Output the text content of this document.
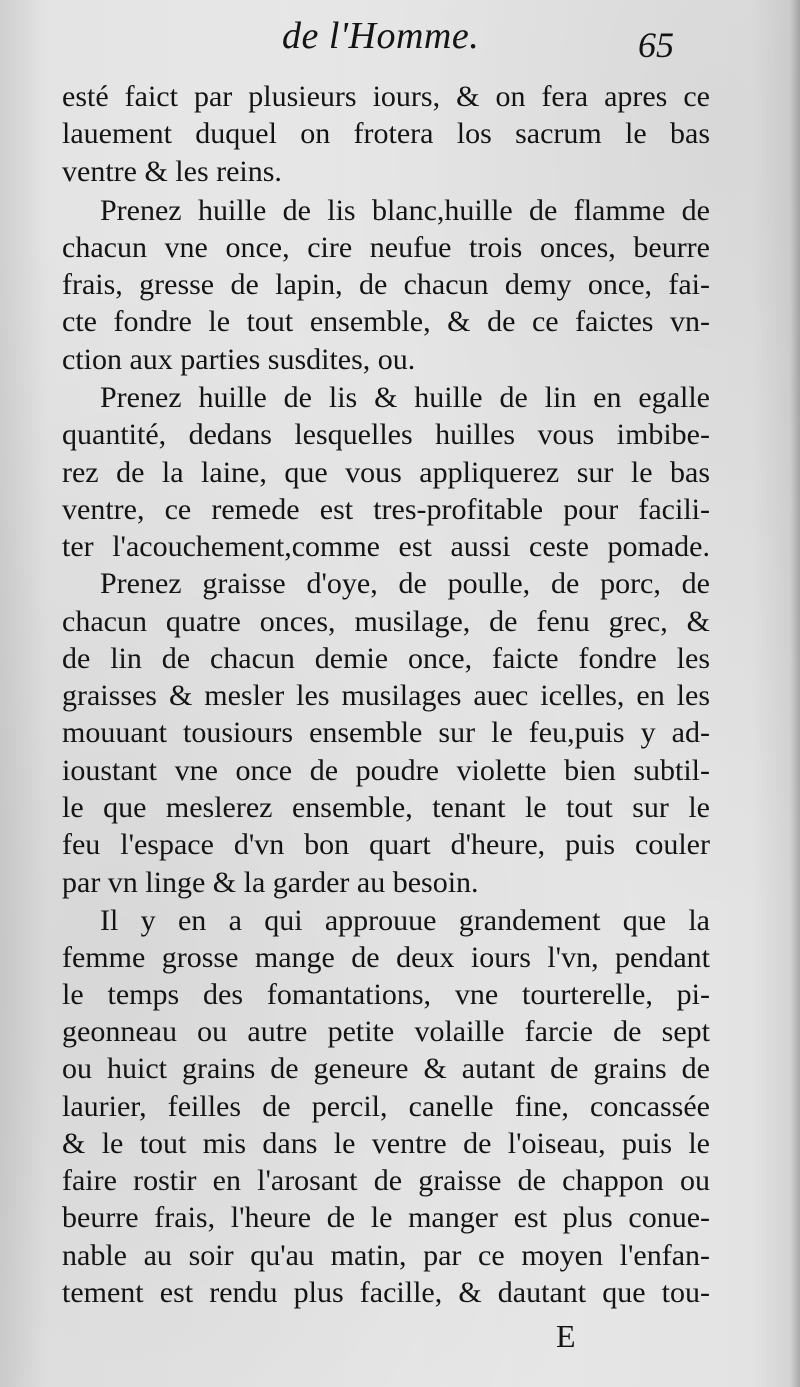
de l'Homme.	65
esté faict par plusieurs iours, & on fera apres ce
lauement duquel on frotera los sacrum le bas
ventre & les reins.
Prenez huille de lis blanc,huille de flamme de
chacun vne once, cire neufue trois onces, beurre
frais, gresse de lapin, de chacun demy once, fai-
cte fondre le tout ensemble, & de ce faictes vn-
ction aux parties susdites, ou.
Prenez huille de lis & huille de lin en egalle
quantité, dedans lesquelles huilles vous imbibe-
rez de la laine, que vous appliquerez sur le bas
ventre, ce remede est tres-profitable pour facili-
ter l'acouchement,comme est aussi ceste pomade.
Prenez graisse d'oye, de poulle, de porc, de
chacun quatre onces, musilage, de fenu grec, &
de lin de chacun demie once, faicte fondre les
graisses & mesler les musilages auec icelles, en les
mouuant tousiours ensemble sur le feu,puis y ad-
ioustant vne once de poudre violette bien subtil-
le que meslerez ensemble, tenant le tout sur le
feu l'espace d'vn bon quart d'heure, puis couler
par vn linge & la garder au besoin.
Il y en a qui approuue grandement que la
femme grosse mange de deux iours l'vn, pendant
le temps des fomantations, vne tourterelle, pi-
geonneau ou autre petite volaille farcie de sept
ou huict grains de geneure & autant de grains de
laurier, feilles de percil, canelle fine, concassée
& le tout mis dans le ventre de l'oiseau, puis le
faire rostir en l'arosant de graisse de chappon ou
beurre frais, l'heure de le manger est plus conue-
nable au soir qu'au matin, par ce moyen l'enfan-
tement est rendu plus facille, & dautant que tou-
E
